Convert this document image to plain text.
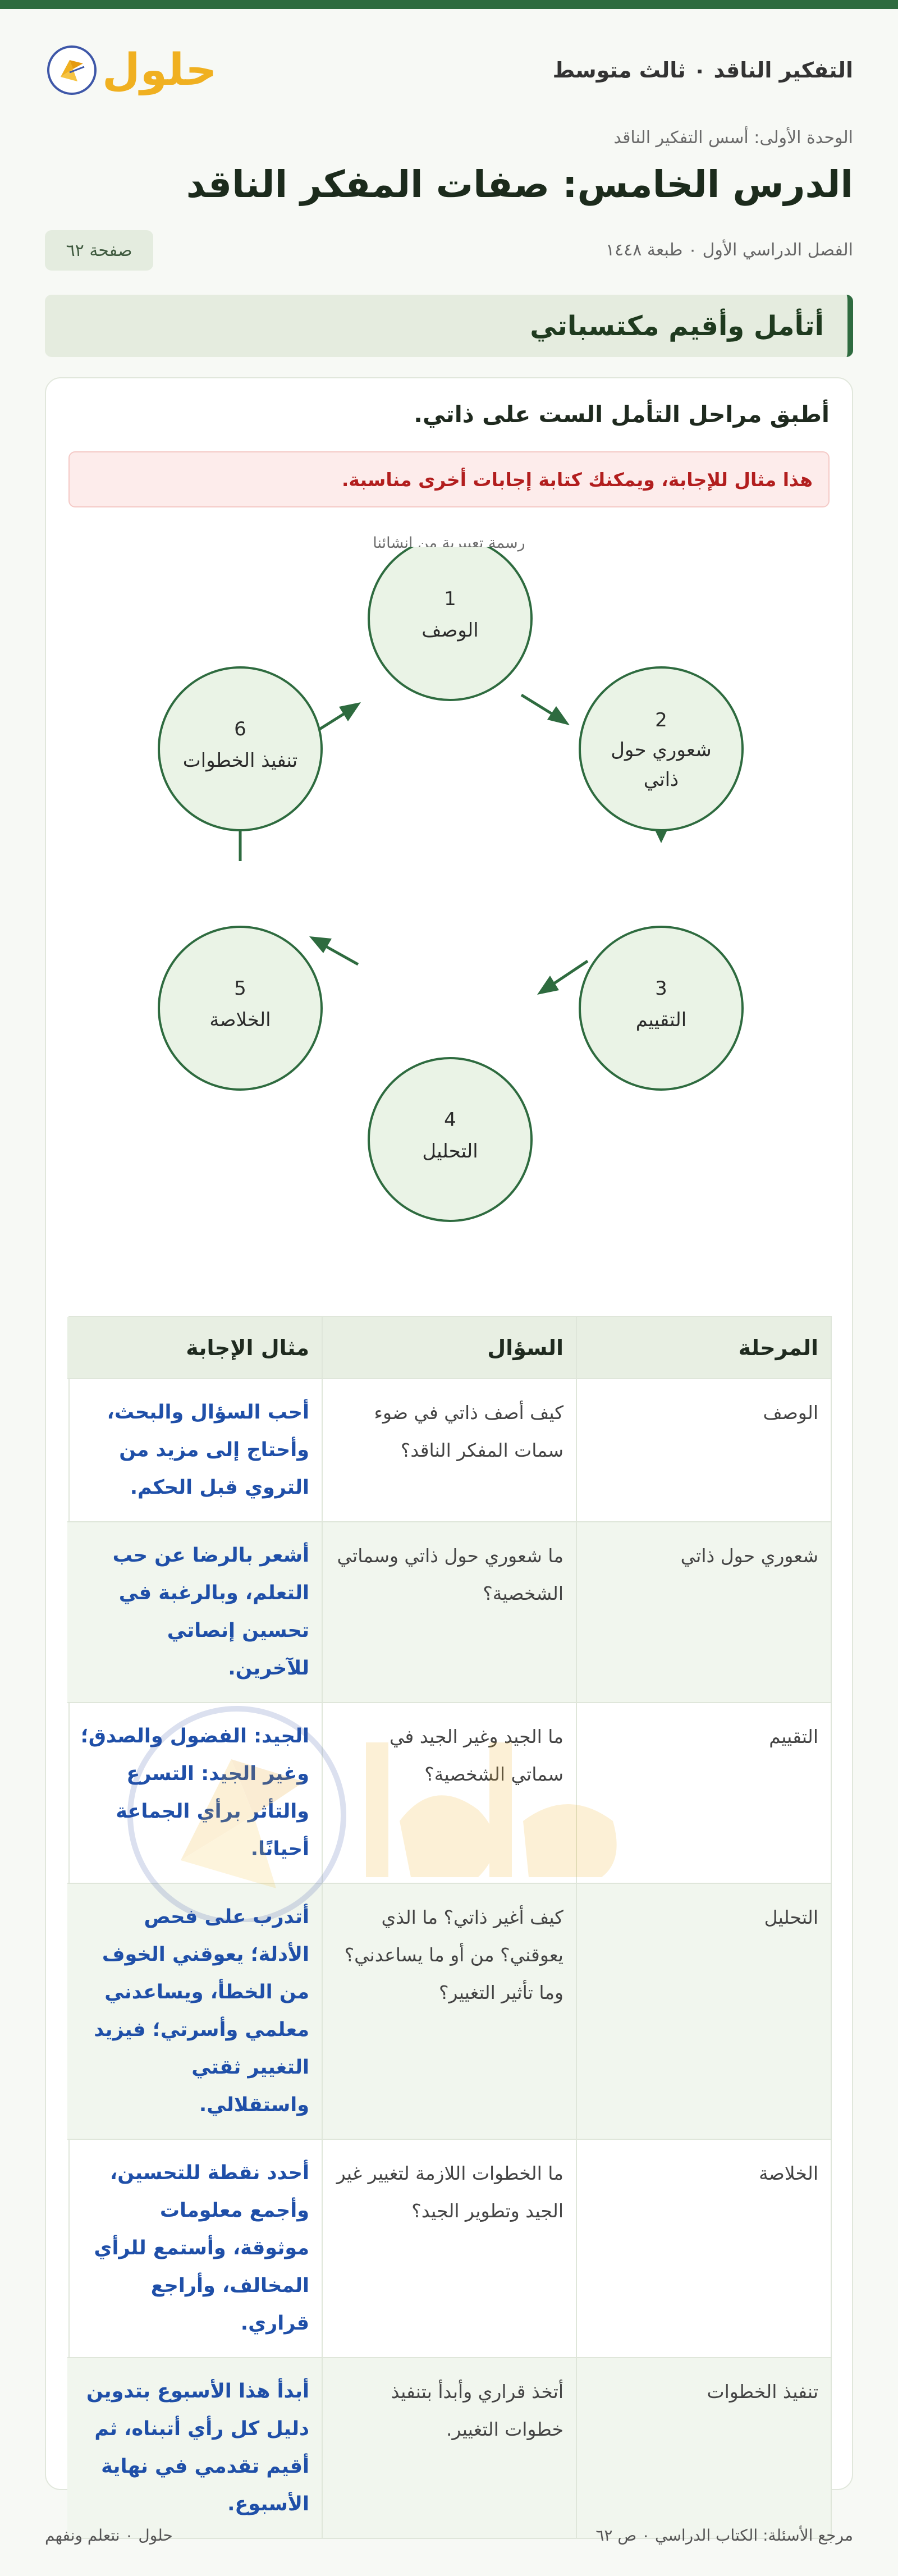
التفكير الناقد ٠ ثالث متوسط
حلول
الوحدة الأولى: أسس التفكير الناقد
الدرس الخامس: صفات المفكر الناقد
الفصل الدراسي الأول ٠ طبعة ١٤٤٨
صفحة ٦٢
أتأمل وأقيم مكتسباتي
أطبق مراحل التأمل الست على ذاتي.
هذا مثال للإجابة، ويمكنك كتابة إجابات أخرى مناسبة.
رسمة تعبيرية من إنشائنا
1
الوصف
2
شعوري حول
ذاتي
3
التقييم
4
التحليل
5
الخلاصة
6
تنفيذ الخطوات
المرحلة	السؤال	مثال الإجابة
الوصف	كيف أصف ذاتي في ضوء سمات المفكر الناقد؟	أحب السؤال والبحث، وأحتاج إلى مزيد من التروي قبل الحكم.
شعوري حول ذاتي	ما شعوري حول ذاتي وسماتي الشخصية؟	أشعر بالرضا عن حب التعلم، وبالرغبة في تحسين إنصاتي للآخرين.
التقييم	ما الجيد وغير الجيد في سماتي الشخصية؟	الجيد: الفضول والصدق؛ وغير الجيد: التسرع والتأثر برأي الجماعة أحيانًا.
التحليل	كيف أغير ذاتي؟ ما الذي يعوقني؟ من أو ما يساعدني؟ وما تأثير التغيير؟	أتدرب على فحص الأدلة؛ يعوقني الخوف من الخطأ، ويساعدني معلمي وأسرتي؛ فيزيد التغيير ثقتي واستقلالي.
الخلاصة	ما الخطوات اللازمة لتغيير غير الجيد وتطوير الجيد؟	أحدد نقطة للتحسين، وأجمع معلومات موثوقة، وأستمع للرأي المخالف، وأراجع قراري.
تنفيذ الخطوات	أتخذ قراري وأبدأ بتنفيذ خطوات التغيير.	أبدأ هذا الأسبوع بتدوين دليل كل رأي أتبناه، ثم أقيم تقدمي في نهاية الأسبوع.
حلول ٠ نتعلم ونفهم	مرجع الأسئلة: الكتاب الدراسي ٠ ص ٦٢
